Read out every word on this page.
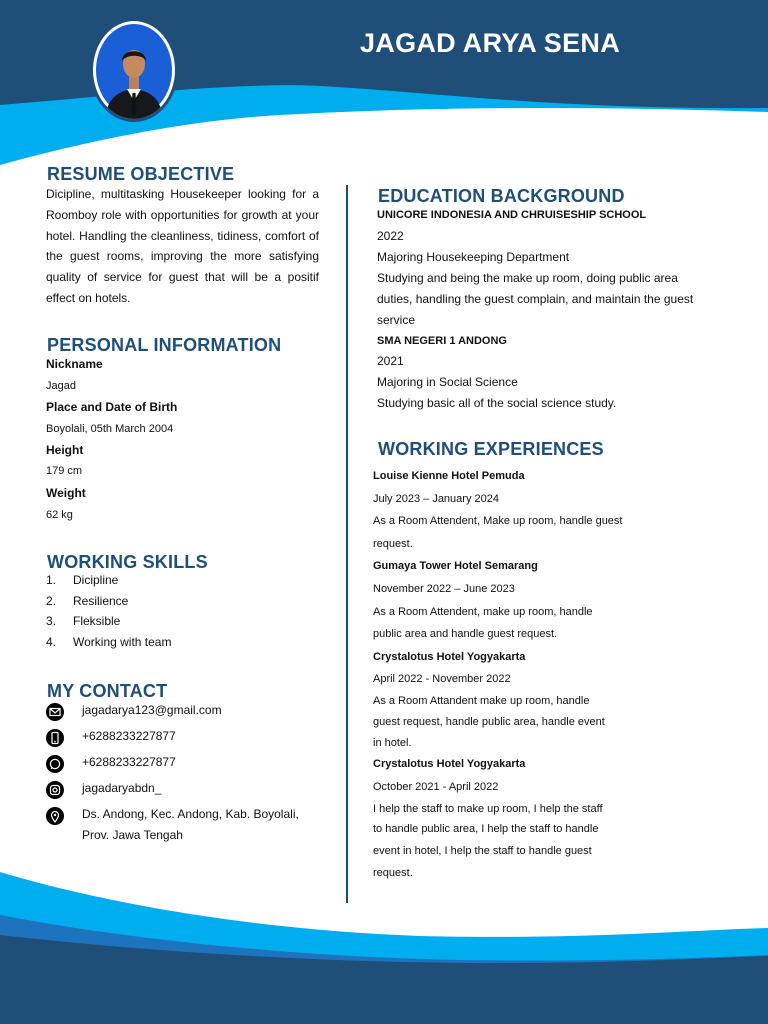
JAGAD ARYA SENA
RESUME OBJECTIVE

Dicipline, multitasking Housekeeper looking for a Roomboy role with opportunities for growth at your hotel. Handling the cleanliness, tidiness, comfort of the guest rooms, improving the more satisfying quality of service for guest that will be a positif effect on hotels.

PERSONAL INFORMATION
Nickname
Jagad
Place and Date of Birth
Boyolali, 05th March 2004
Height
179 cm
Weight
62 kg
WORKING SKILLS
1. Dicipline
2. Resilience
3. Fleksible
4. Working with team
MY CONTACT
jagadarya123@gmail.com
+6288233227877
+6288233227877
jagadaryabdn_
Ds. Andong, Kec. Andong, Kab. Boyolali,
Prov. Jawa Tengah
EDUCATION BACKGROUND
UNICORE INDONESIA AND CHRUISESHIP SCHOOL
2022
Majoring Housekeeping Department
Studying and being the make up room, doing public area duties, handling the guest complain, and maintain the guest service
SMA NEGERI 1 ANDONG
2021
Majoring in Social Science
Studying basic all of the social science study.
WORKING EXPERIENCES
Louise Kienne Hotel Pemuda
July 2023 – January 2024
As a Room Attendent, Make up room, handle guest
request.
Gumaya Tower Hotel Semarang
November 2022 – June 2023
As a Room Attendent, make up room, handle
public area and handle guest request.
Crystalotus Hotel Yogyakarta
April 2022 - November 2022
As a Room Attandent make up room, handle
guest request, handle public area, handle event
in hotel.
Crystalotus Hotel Yogyakarta
October 2021 - April 2022
I help the staff to make up room, I help the staff
to handle public area, I help the staff to handle
event in hotel, I help the staff to handle guest
request.
